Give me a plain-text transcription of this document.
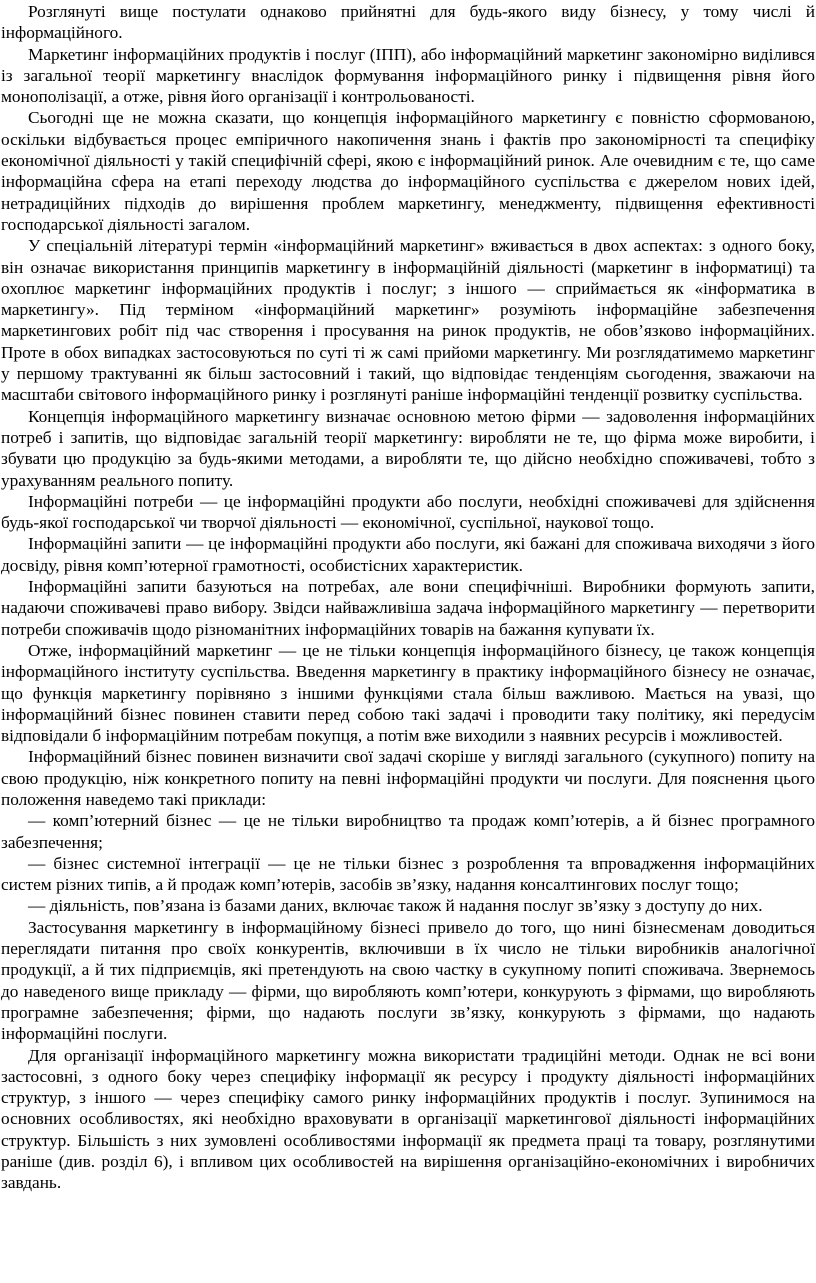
Розглянуті вище постулати однаково прийнятні для будь-якого виду бізнесу, у тому числі й інформаційного.

Маркетинг інформаційних продуктів і послуг (ІПП), або інформаційний маркетинг закономірно виділився із загальної теорії маркетингу внаслідок формування інформаційного ринку і підвищення рівня його монополізації, а отже, рівня його організації і контрольованості.

Сьогодні ще не можна сказати, що концепція інформаційного маркетингу є повністю сформованою, оскільки відбувається процес емпіричного накопичення знань і фактів про закономірності та специфіку економічної діяльності у такій специфічній сфері, якою є інформаційний ринок. Але очевидним є те, що саме інформаційна сфера на етапі переходу людства до інформаційного суспільства є джерелом нових ідей, нетрадиційних підходів до вирішення проблем маркетингу, менеджменту, підвищення ефективності господарської діяльності загалом.

У спеціальній літературі термін «інформаційний маркетинг» вживається в двох аспектах: з одного боку, він означає використання принципів маркетингу в інформаційній діяльності (маркетинг в інформатиці) та охоплює маркетинг інформаційних продуктів і послуг; з іншого — сприймається як «інформатика в маркетингу». Під терміном «інформаційний маркетинг» розуміють інформаційне забезпечення маркетингових робіт під час створення і просування на ринок продуктів, не обов’язково інформаційних. Проте в обох випадках застосовуються по суті ті ж самі прийоми маркетингу. Ми розглядатимемо маркетинг у першому трактуванні як більш застосовний і такий, що відповідає тенденціям сьогодення, зважаючи на масштаби світового інформаційного ринку і розглянуті раніше інформаційні тенденції розвитку суспільства.

Концепція інформаційного маркетингу визначає основною метою фірми — задоволення інформаційних потреб і запитів, що відповідає загальній теорії маркетингу: виробляти не те, що фірма може виробити, і збувати цю продукцію за будь-якими методами, а виробляти те, що дійсно необхідно споживачеві, тобто з урахуванням реального попиту.

Інформаційні потреби — це інформаційні продукти або послуги, необхідні споживачеві для здійснення будь-якої господарської чи творчої діяльності — економічної, суспільної, наукової тощо.

Інформаційні запити — це інформаційні продукти або послуги, які бажані для споживача виходячи з його досвіду, рівня комп’ютерної грамотності, особистісних характеристик.

Інформаційні запити базуються на потребах, але вони специфічніші. Виробники формують запити, надаючи споживачеві право вибору. Звідси найважливіша задача інформаційного маркетингу — перетворити потреби споживачів щодо різноманітних інформаційних товарів на бажання купувати їх.

Отже, інформаційний маркетинг — це не тільки концепція інформаційного бізнесу, це також концепція інформаційного інституту суспільства. Введення маркетингу в практику інформаційного бізнесу не означає, що функція маркетингу порівняно з іншими функціями стала більш важливою. Мається на увазі, що інформаційний бізнес повинен ставити перед собою такі задачі і проводити таку політику, які передусім відповідали б інформаційним потребам покупця, а потім вже виходили з наявних ресурсів і можливостей.

Інформаційний бізнес повинен визначити свої задачі скоріше у вигляді загального (сукупного) попиту на свою продукцію, ніж конкретного попиту на певні інформаційні продукти чи послуги. Для пояснення цього положення наведемо такі приклади:

— комп’ютерний бізнес — це не тільки виробництво та продаж комп’ютерів, а й бізнес програмного забезпечення;

— бізнес системної інтеграції — це не тільки бізнес з розроблення та впровадження інформаційних систем різних типів, а й продаж комп’ютерів, засобів зв’язку, надання консалтингових послуг тощо;

— діяльність, пов’язана із базами даних, включає також й надання послуг зв’язку з доступу до них.

Застосування маркетингу в інформаційному бізнесі привело до того, що нині бізнесменам доводиться переглядати питання про своїх конкурентів, включивши в їх число не тільки виробників аналогічної продукції, а й тих підприємців, які претендують на свою частку в сукупному попиті споживача. Звернемось до наведеного вище прикладу — фірми, що виробляють комп’ютери, конкурують з фірмами, що виробляють програмне забезпечення; фірми, що надають послуги зв’язку, конкурують з фірмами, що надають інформаційні послуги.

Для організації інформаційного маркетингу можна використати традиційні методи. Однак не всі вони застосовні, з одного боку через специфіку інформації як ресурсу і продукту діяльності інформаційних структур, з іншого — через специфіку самого ринку інформаційних продуктів і послуг. Зупинимося на основних особливостях, які необхідно враховувати в організації маркетингової діяльності інформаційних структур. Більшість з них зумовлені особливостями інформації як предмета праці та товару, розглянутими раніше (див. розділ 6), і впливом цих особливостей на вирішення організаційно-економічних і виробничих завдань.
